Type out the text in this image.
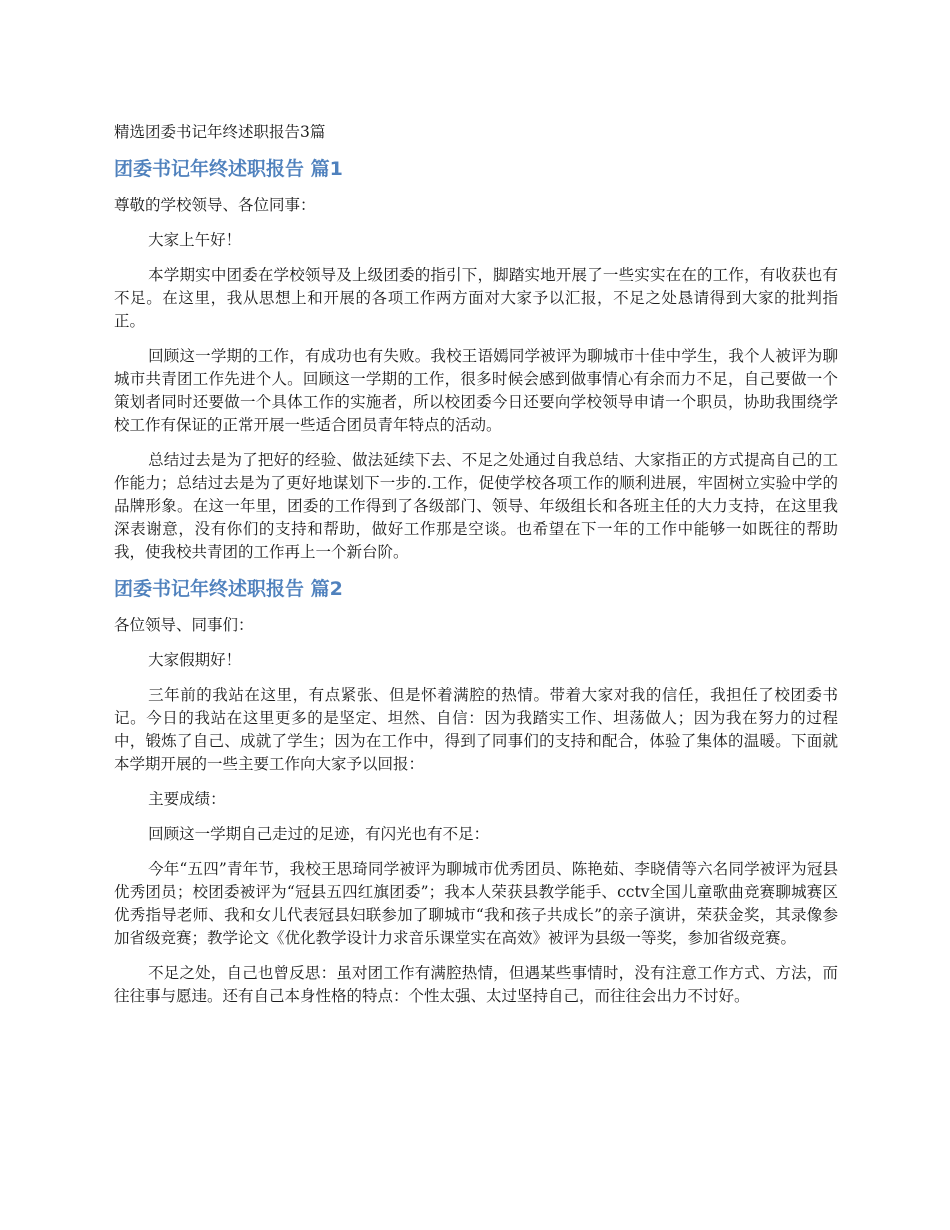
精选团委书记年终述职报告3篇
团委书记年终述职报告 篇1

尊敬的学校领导、各位同事：

大家上午好！

本学期实中团委在学校领导及上级团委的指引下，脚踏实地开展了一些实实在在的工作，有收获也有不足。在这里，我从思想上和开展的各项工作两方面对大家予以汇报，不足之处恳请得到大家的批判指正。

回顾这一学期的工作，有成功也有失败。我校王语嫣同学被评为聊城市十佳中学生，我个人被评为聊城市共青团工作先进个人。回顾这一学期的工作，很多时候会感到做事情心有余而力不足，自己要做一个策划者同时还要做一个具体工作的实施者，所以校团委今日还要向学校领导申请一个职员，协助我围绕学校工作有保证的正常开展一些适合团员青年特点的活动。

总结过去是为了把好的经验、做法延续下去、不足之处通过自我总结、大家指正的方式提高自己的工作能力；总结过去是为了更好地谋划下一步的.工作，促使学校各项工作的顺利进展，牢固树立实验中学的品牌形象。在这一年里，团委的工作得到了各级部门、领导、年级组长和各班主任的大力支持，在这里我深表谢意，没有你们的支持和帮助，做好工作那是空谈。也希望在下一年的工作中能够一如既往的帮助我，使我校共青团的工作再上一个新台阶。

团委书记年终述职报告 篇2

各位领导、同事们：

大家假期好！

三年前的我站在这里，有点紧张、但是怀着满腔的热情。带着大家对我的信任，我担任了校团委书记。今日的我站在这里更多的是坚定、坦然、自信：因为我踏实工作、坦荡做人；因为我在努力的过程中，锻炼了自己、成就了学生；因为在工作中，得到了同事们的支持和配合，体验了集体的温暖。下面就本学期开展的一些主要工作向大家予以回报：

主要成绩：

回顾这一学期自己走过的足迹，有闪光也有不足：

今年“五四”青年节，我校王思琦同学被评为聊城市优秀团员、陈艳茹、李晓倩等六名同学被评为冠县优秀团员；校团委被评为“冠县五四红旗团委”；我本人荣获县教学能手、cctv全国儿童歌曲竞赛聊城赛区优秀指导老师、我和女儿代表冠县妇联参加了聊城市“我和孩子共成长”的亲子演讲，荣获金奖，其录像参加省级竞赛；教学论文《优化教学设计力求音乐课堂实在高效》被评为县级一等奖，参加省级竞赛。

不足之处，自己也曾反思：虽对团工作有满腔热情，但遇某些事情时，没有注意工作方式、方法，而往往事与愿违。还有自己本身性格的特点：个性太强、太过坚持自己，而往往会出力不讨好。
